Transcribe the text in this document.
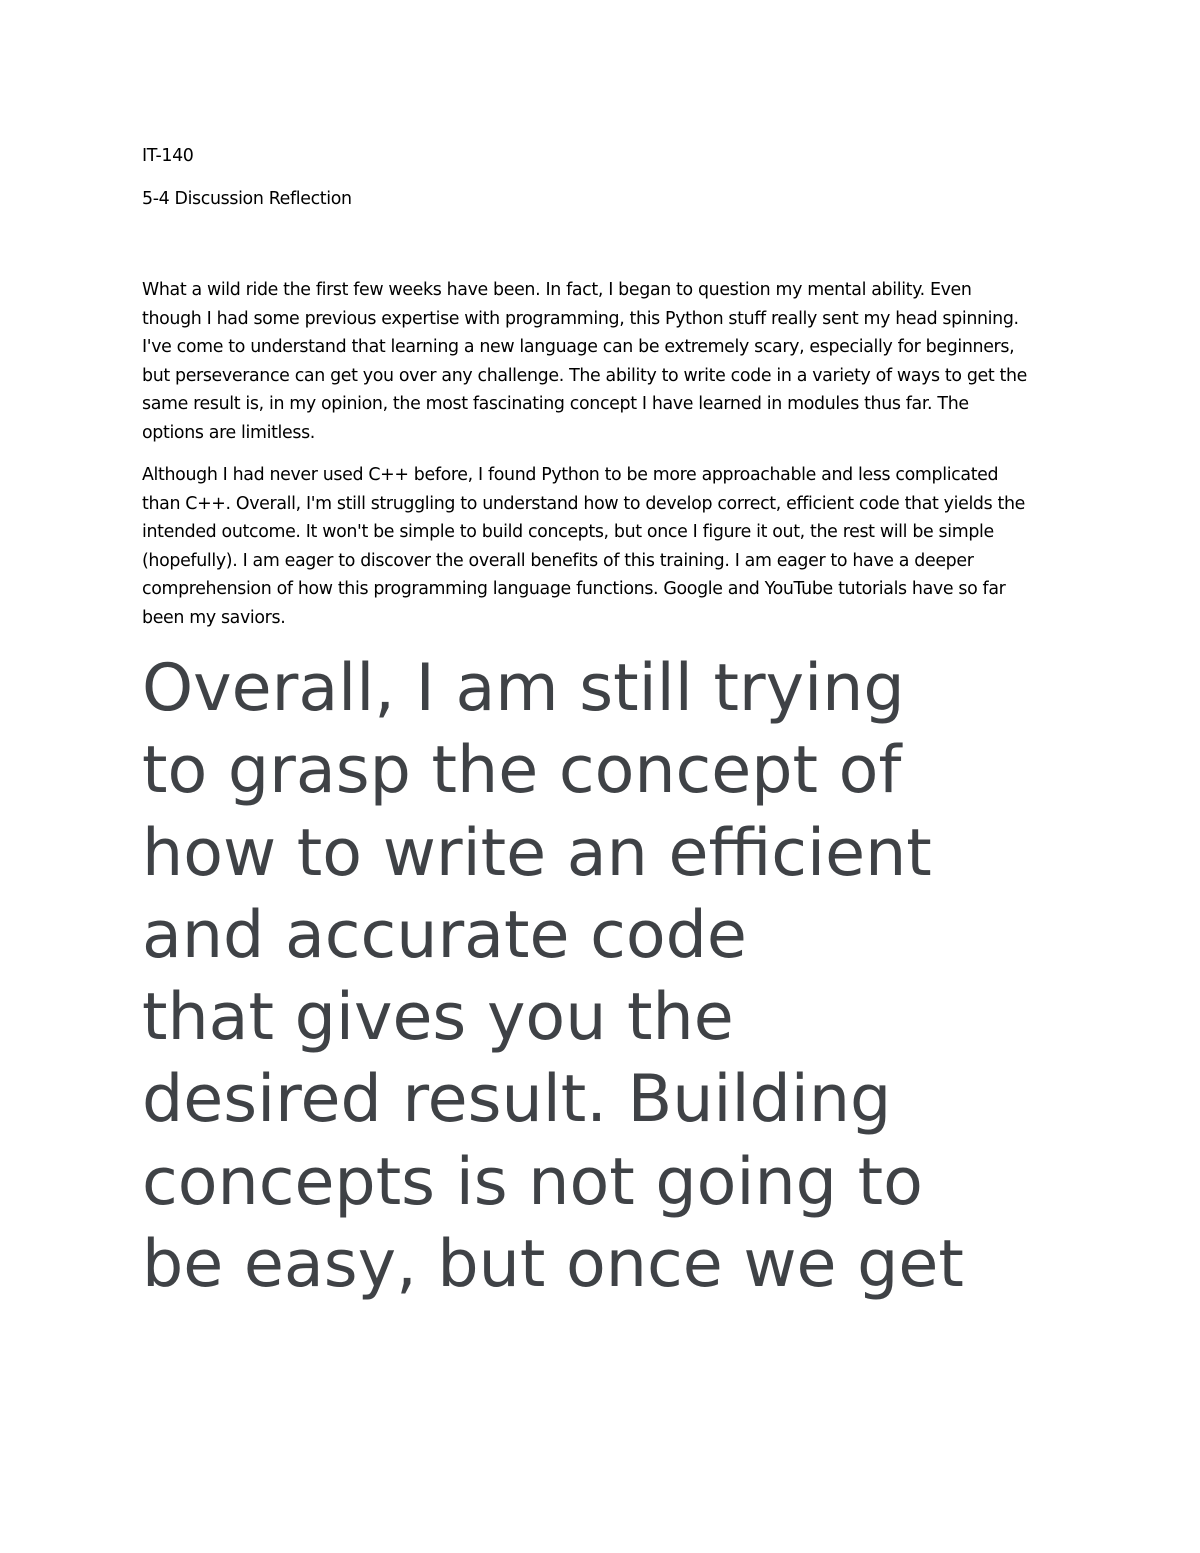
IT-140

5-4 Discussion Reflection

What a wild ride the first few weeks have been. In fact, I began to question my mental ability. Even
though I had some previous expertise with programming, this Python stuff really sent my head spinning.
I've come to understand that learning a new language can be extremely scary, especially for beginners,
but perseverance can get you over any challenge. The ability to write code in a variety of ways to get the
same result is, in my opinion, the most fascinating concept I have learned in modules thus far. The
options are limitless.
Although I had never used C++ before, I found Python to be more approachable and less complicated
than C++. Overall, I'm still struggling to understand how to develop correct, efficient code that yields the
intended outcome. It won't be simple to build concepts, but once I figure it out, the rest will be simple
(hopefully). I am eager to discover the overall benefits of this training. I am eager to have a deeper
comprehension of how this programming language functions. Google and YouTube tutorials have so far
been my saviors.
Overall, I am still trying
to grasp the concept of
how to write an efficient
and accurate code
that gives you the
desired result. Building
concepts is not going to
be easy, but once we get
